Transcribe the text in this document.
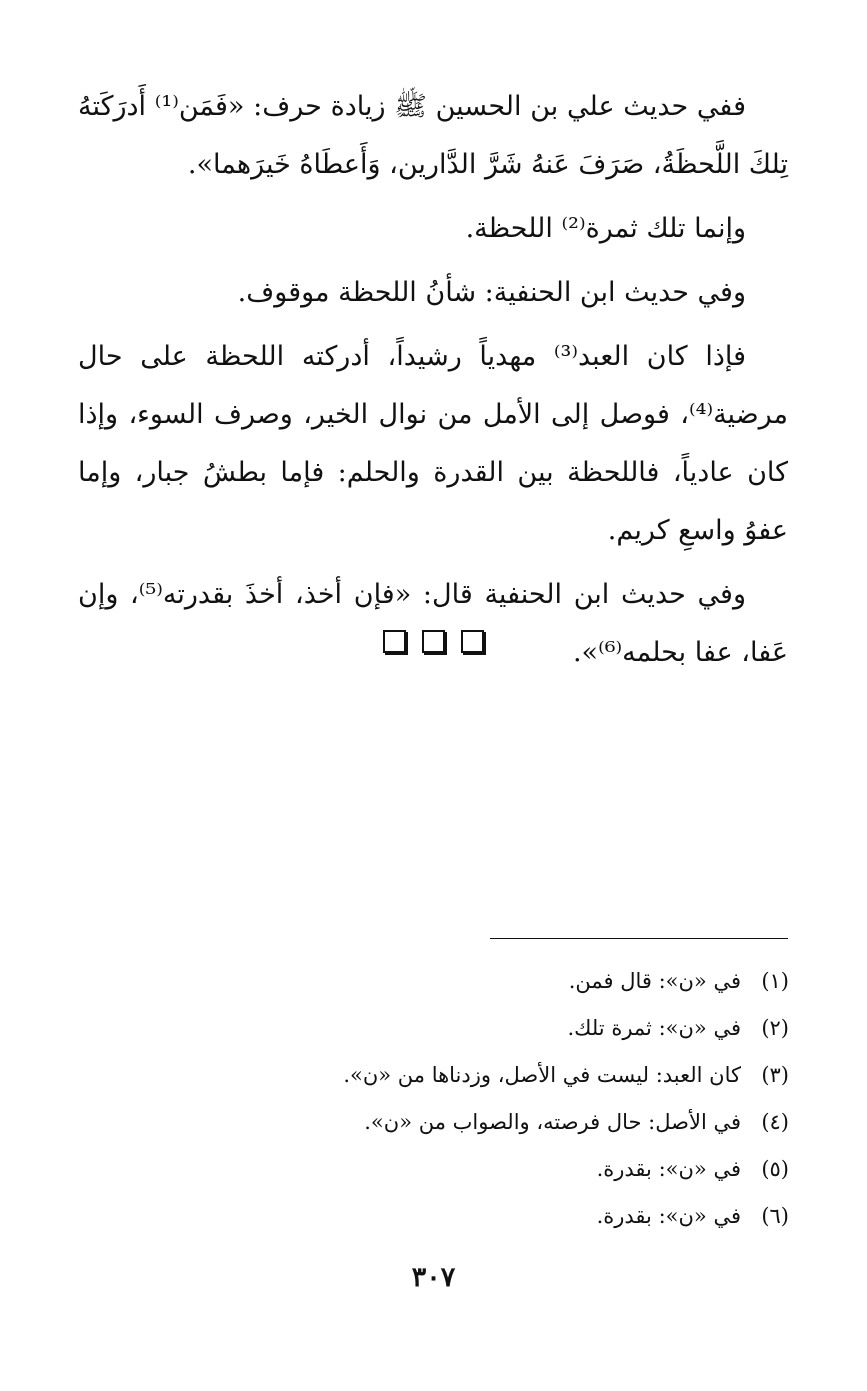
ففي حديث علي بن الحسين ﷺ زيادة حرف: «فَمَن⁽¹⁾ أَدرَكَتهُ تِلكَ اللَّحظَةُ، صَرَفَ عَنهُ شَرَّ الدَّارين، وَأَعطَاهُ خَيرَهما».

وإنما تلك ثمرة⁽²⁾ اللحظة.

وفي حديث ابن الحنفية: شأنُ اللحظة موقوف.

فإذا كان العبد⁽³⁾ مهدياً رشيداً، أدركته اللحظة على حال مرضية⁽⁴⁾، فوصل إلى الأمل من نوال الخير، وصرف السوء، وإذا كان عادياً، فاللحظة بين القدرة والحلم: فإما بطشُ جبار، وإما عفوُ واسعِ كريم.

وفي حديث ابن الحنفية قال: «فإن أخذ، أخذَ بقدرته⁽⁵⁾، وإن عَفا، عفا بحلمه⁽⁶⁾».

(١)في «ن»: قال فمن.
(٢)في «ن»: ثمرة تلك.
(٣)كان العبد: ليست في الأصل، وزدناها من «ن».
(٤)في الأصل: حال فرصته، والصواب من «ن».
(٥)في «ن»: بقدرة.
(٦)في «ن»: بقدرة.
٣٠٧
